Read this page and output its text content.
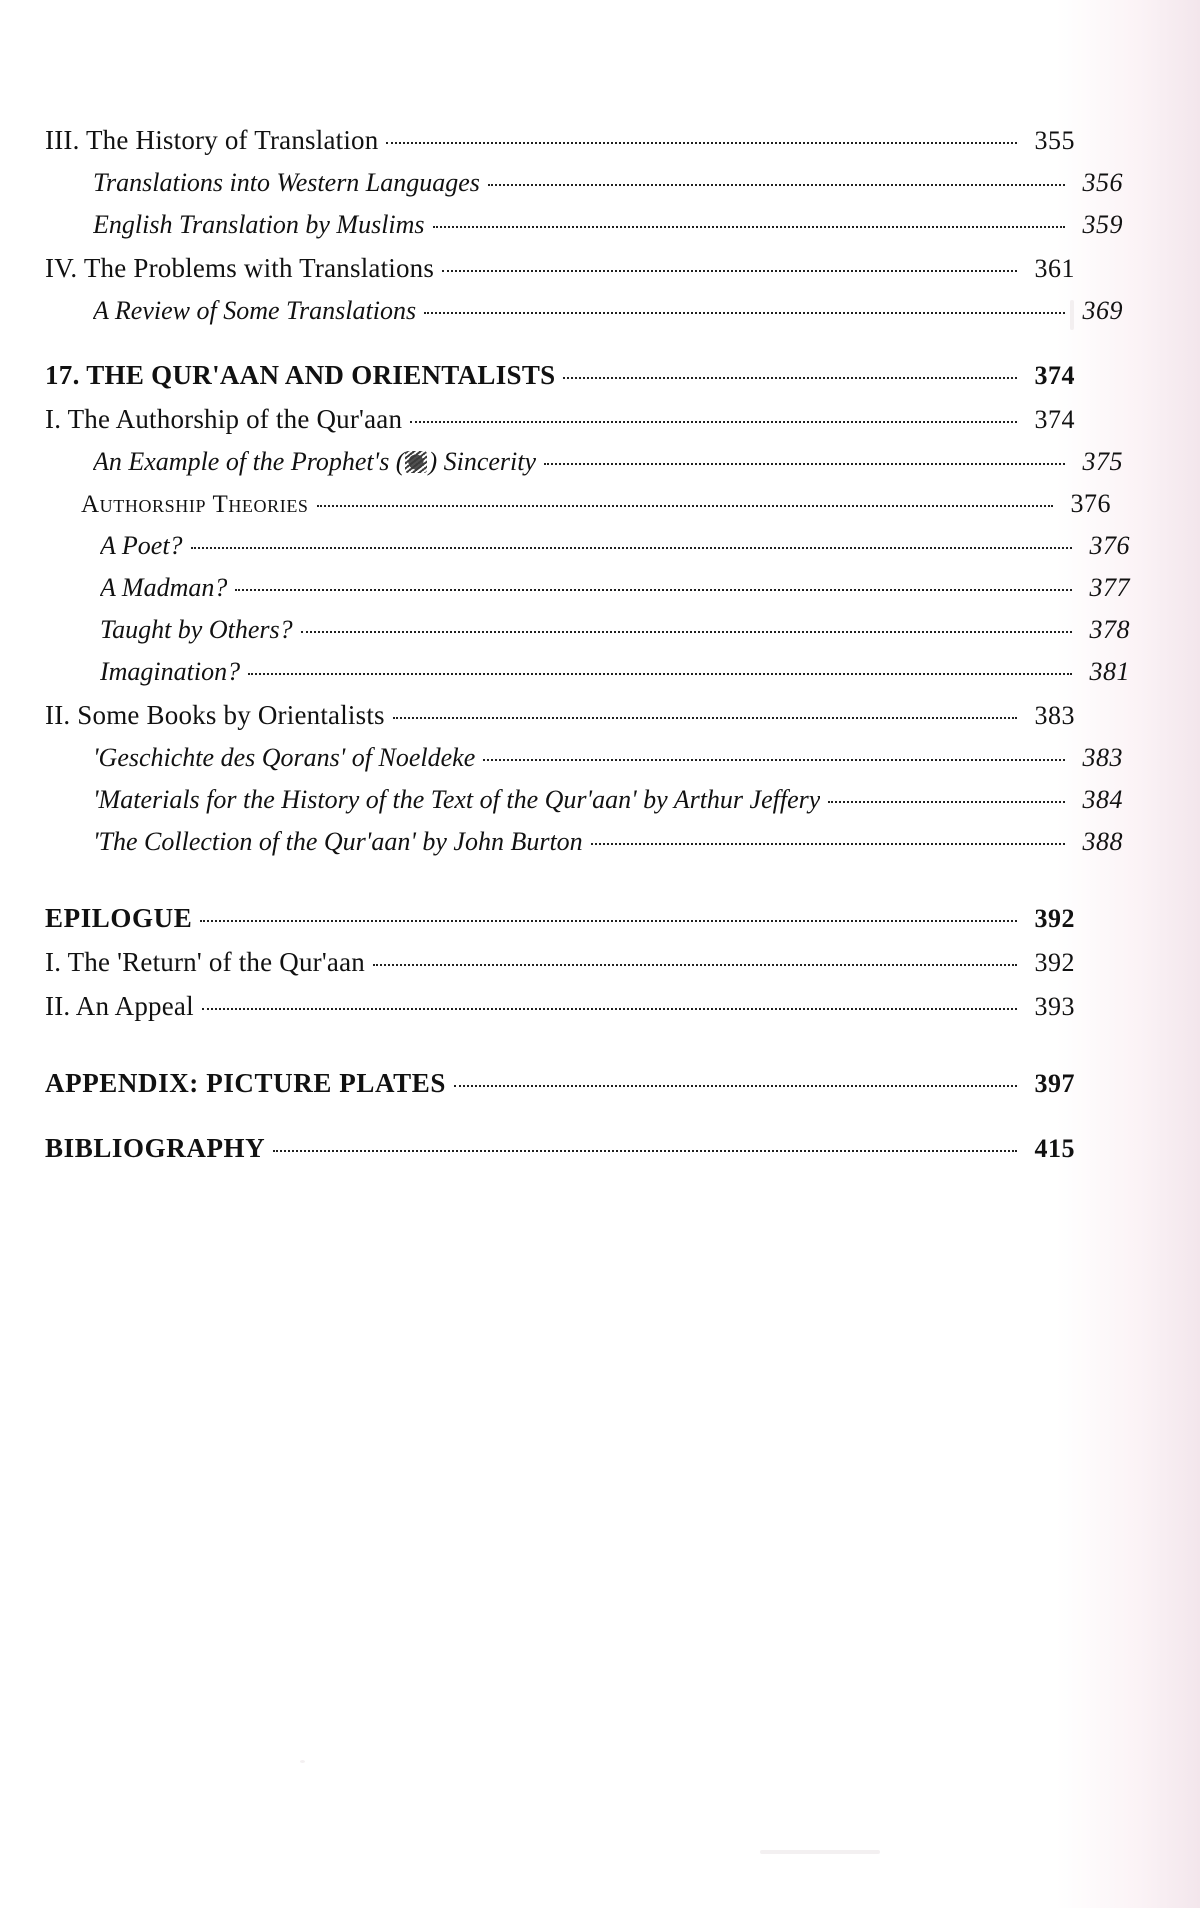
III. The History of Translation	355
Translations into Western Languages	356
English Translation by Muslims	359
IV. The Problems with Translations	361
A Review of Some Translations	369
17. THE QUR'AAN AND ORIENTALISTS	374
I. The Authorship of the Qur'aan	374
An Example of the Prophet's ( ) Sincerity	375
Authorship Theories	376
A Poet?	376
A Madman?	377
Taught by Others?	378
Imagination?	381
II. Some Books by Orientalists	383
'Geschichte des Qorans' of Noeldeke	383
'Materials for the History of the Text of the Qur'aan' by Arthur Jeffery	384
'The Collection of the Qur'aan' by John Burton	388
EPILOGUE	392
I. The 'Return' of the Qur'aan	392
II. An Appeal	393
APPENDIX: PICTURE PLATES	397
BIBLIOGRAPHY	415
